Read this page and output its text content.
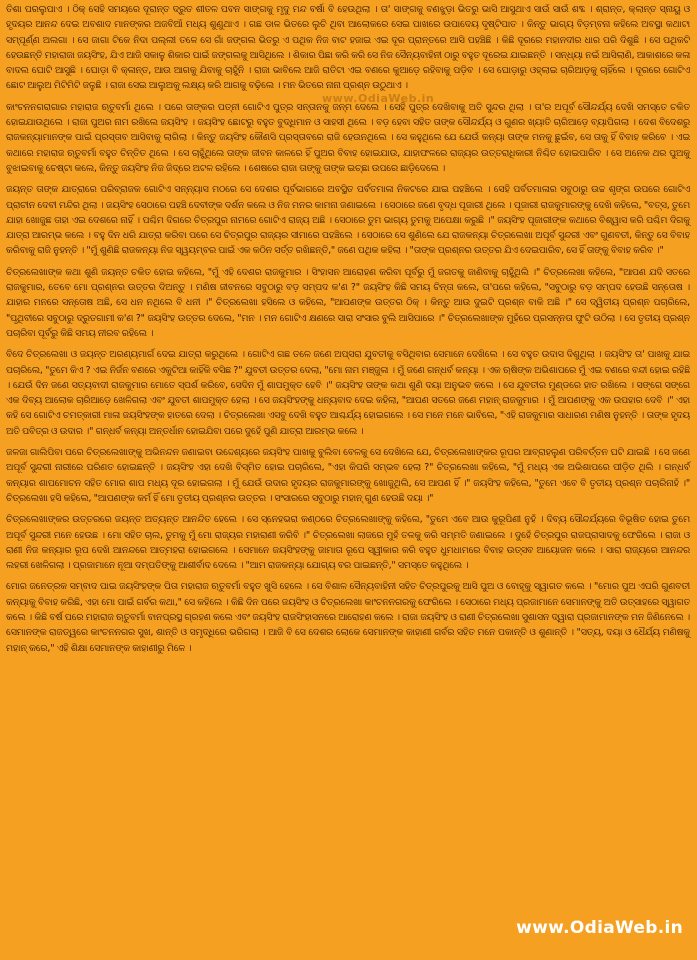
www.OdiaWeb.in

ତିଶା ପରଲୁପାଏ । ଠିକ୍ ସେହି ସମୟରେ ଦୂରାନ୍ତ ଦ୍ରୁତ ଶୀତଳ ପବନ ସାଙ୍ଗକୁ ମୃଦୁ ମନ୍ଦ ବର୍ଷା ବି ହେଉଥିଲା । ତା' ସାଙ୍ଗକୁ ବଣଝୁଡ଼ା ଭିତରୁ ଭାସି ଆସୁଥାଏ ସାଉଁ ସାଉଁ ଶବ୍ଦ । ଶ୍ରାନ୍ତ, କ୍ଲାନ୍ତ ସ୍ନାୟୁ ଓ ହୃଦୟର ଆନନ୍ଦ ଦେଇ ଅବଶାଦ ମାନଙ୍କର ଅଜବିଆଁ ମଧ୍ୟ ଶୁଣୁଥାଏ । ଗଛ ଡାଳ ଭିତରେ ଲୁଚି ଥିବା ଆଲୋକରେ ସେଇ ପାଖରେ ଉପାଦେୟ ଦୃଷ୍ଟିପାତ । କିନ୍ତୁ ଭାଗ୍ୟ ବିଡ଼ମ୍ବନା କହିଲେ ଅବସ୍ଥା କଥାଟା ସମ୍ପୂର୍ଣ୍ଣ ଅଲଗା । ସେ ଜାଗା ଟିକେ ନିଦା ପଲ୍ଲୀ ତଳେ ସେ ଗାଁ ଜଙ୍ଗଲ ଭିତରୁ ଏ ପଥିକ ନିଜ ବାଟ ହଜାଇ ଏଇ ଦୂର ପ୍ରାନ୍ତରେ ଆସି ପହଞ୍ଚିଛି । କିଛି ଦୂରରେ ମହାନଦୀର ଧାର ପରି ଦିଶୁଛି । ସେ ପଥିକଟି ହେଉଛନ୍ତି ମହାରାଜା ଜୟସିଂହ, ଯିଏ ଆଜି ସକାଳୁ ଶିକାର ପାଇଁ ଜଙ୍ଗଲକୁ ଆସିଥିଲେ । ଶିକାର ପିଛା କରି କରି ସେ ନିଜ ସୈନ୍ୟବାହିନୀ ଠାରୁ ବହୁତ ଦୂରେଇ ଯାଇଛନ୍ତି । ସନ୍ଧ୍ୟା ନଇଁ ଆସିଲାଣି, ଆକାଶରେ କଳା ବାଦଲ ଘୋଟି ଆସୁଛି । ଘୋଡ଼ା ବି କ୍ଳାନ୍ତ, ଆଉ ଆଗକୁ ଯିବାକୁ ଚାହୁଁନି । ରାଜା ଭାବିଲେ ଆଜି ରାତିଟା ଏଇ ବଣରେ କୁଆଡ଼େ ରହିବାକୁ ପଡ଼ିବ । ସେ ଘୋଡ଼ାରୁ ଓହ୍ଲାଇ ଚାରିଆଡ଼କୁ ଚାହିଁଲେ । ଦୂରରେ ଗୋଟିଏ ଛୋଟ ଆଲୁଅ ମିଟିମିଟି ଜଳୁଛି । ରାଜା ସେଇ ଆଲୁଅକୁ ଲକ୍ଷ୍ୟ କରି ଆଗକୁ ବଢ଼ିଲେ । ମନ ଭିତରେ ନାନା ପ୍ରଶ୍ନ ଉଠୁଥାଏ ।

କାଂଚନନଗରାଗାର ମହାରାଜ ଋତୁବର୍ମା ଥିଲେ । ପରେ ତାଙ୍କର ପତ୍ନୀ ଗୋଟିଏ ପୁତ୍ର ସନ୍ତାନକୁ ଜନ୍ମ ଦେଲେ । ସେହି ପୁତ୍ର ଦେଖିବାକୁ ଅତି ସୁନ୍ଦର ଥିଲା । ତା'ର ଅପୂର୍ବ ସୌନ୍ଦର୍ଯ୍ୟ ଦେଖି ସମସ୍ତେ ଚକିତ ହୋଇଯାଉଥିଲେ । ରାଜା ପୁଅର ନାମ ରଖିଲେ ଜୟସିଂହ । ଜୟସିଂହ ଛୋଟରୁ ବହୁତ ବୁଦ୍ଧିମାନ ଓ ସାହସୀ ଥିଲେ । ବଡ଼ ହେବା ସହିତ ତାଙ୍କ ସୌନ୍ଦର୍ଯ୍ୟ ଓ ଗୁଣର ଖ୍ୟାତି ଚାରିଆଡ଼େ ବ୍ୟାପିଗଲା । ଦେଶ ବିଦେଶରୁ ରାଜକନ୍ୟାମାନଙ୍କ ପାଇଁ ପ୍ରସ୍ତାବ ଆସିବାକୁ ଲାଗିଲା । କିନ୍ତୁ ଜୟସିଂହ କୌଣସି ପ୍ରସ୍ତାବରେ ରାଜି ହେଉନଥିଲେ । ସେ କହୁଥିଲେ ଯେ ଯେଉଁ କନ୍ୟା ତାଙ୍କ ମନକୁ ଛୁଇଁବ, ସେ ତାକୁ ହିଁ ବିବାହ କରିବେ । ଏଇ କଥାରେ ମହାରାଜ ଋତୁବର୍ମା ବହୁତ ଚିନ୍ତିତ ଥିଲେ । ସେ ଚାହୁଁଥିଲେ ତାଙ୍କ ଜୀବନ କାଳରେ ହିଁ ପୁଅର ବିବାହ ହୋଇଯାଉ, ଯାହାଫଳରେ ରାଜ୍ୟର ଉତ୍ତରାଧିକାରୀ ନିଶ୍ଚିତ ହୋଇପାରିବ । ସେ ଅନେକ ଥର ପୁଅକୁ ବୁଝାଇବାକୁ ଚେଷ୍ଟା କଲେ, କିନ୍ତୁ ଜୟସିଂହ ନିଜ ଜିଦ୍‌ରେ ଅଟଳ ରହିଲେ । ଶେଷରେ ରାଜା ତାଙ୍କୁ ତାଙ୍କ ଇଚ୍ଛା ଉପରେ ଛାଡ଼ିଦେଲେ ।

ଜୟନ୍ତ ତାଙ୍କ ଯାତ୍ରାରେ ପରିବ୍ରାଜକ ଗୋଟିଏ ସନ୍ନ୍ୟାସ ମଠରେ ସେ ଦେଶର ପୂର୍ବଭାଗରେ ଅବସ୍ଥିତ ପର୍ବତମାଳା ନିକଟରେ ଯାଇ ପହଞ୍ଚିଲେ । ସେହି ପର୍ବତମାଳାର ସବୁଠାରୁ ଉଚ୍ଚ ଶୃଙ୍ଗ ଉପରେ ଗୋଟିଏ ପ୍ରାଚୀନ ଦେବୀ ମନ୍ଦିର ଥିଲା । ଜୟସିଂହ ସେଠାରେ ପହଞ୍ଚି ଦେବୀଙ୍କ ଦର୍ଶନ କଲେ ଓ ନିଜ ମନର କାମନା ଜଣାଇଲେ । ସେଠାରେ ଜଣେ ବୃଦ୍ଧ ପୂଜାରୀ ଥିଲେ । ପୂଜାରୀ ରାଜକୁମାରଙ୍କୁ ଦେଖି କହିଲେ, "ବତ୍ସ, ତୁମେ ଯାହା ଖୋଜୁଛ ତାହା ଏଇ ଦେଶରେ ନାହିଁ । ପଶ୍ଚିମ ଦିଗରେ ଚିତ୍ରପୁର ନାମରେ ଗୋଟିଏ ରାଜ୍ୟ ଅଛି । ସେଠାରେ ତୁମ ଭାଗ୍ୟ ତୁମକୁ ଅପେକ୍ଷା କରୁଛି ।" ଜୟସିଂହ ପୂଜାରୀଙ୍କ କଥାରେ ବିଶ୍ୱାସ କରି ପଶ୍ଚିମ ଦିଗକୁ ଯାତ୍ରା ଆରମ୍ଭ କଲେ । ବହୁ ଦିନ ଧରି ଯାତ୍ରା କରିବା ପରେ ସେ ଚିତ୍ରପୁର ରାଜ୍ୟର ସୀମାରେ ପହଞ୍ଚିଲେ । ସେଠାରେ ସେ ଶୁଣିଲେ ଯେ ରାଜକନ୍ୟା ଚିତ୍ରଲେଖା ଅପୂର୍ବ ସୁନ୍ଦରୀ ଏବଂ ଗୁଣବତୀ, କିନ୍ତୁ ସେ ବିବାହ କରିବାକୁ ରାଜି ନୁହନ୍ତି । "ମୁଁ ଶୁଣିଛି ରାଜକନ୍ୟା ନିଜ ସ୍ୱୟମ୍ବର ପାଇଁ ଏକ କଠିନ ସର୍ତ୍ତ ରଖିଛନ୍ତି," ଜଣେ ପଥିକ କହିଲା । "ତାଙ୍କ ପ୍ରଶ୍ନର ଉତ୍ତର ଯିଏ ଦେଇପାରିବ, ସେ ହିଁ ତାଙ୍କୁ ବିବାହ କରିବ ।"

ଚିତ୍ରଲେଖାଙ୍କ କଥା ଶୁଣି ଜୟନ୍ତ ଚକିତ ହୋଇ କହିଲେ, "ମୁଁ ଏହି ଦେଶର ରାଜକୁମାର । ସିଂହାସନ ଆରୋହଣ କରିବା ପୂର୍ବରୁ ମୁଁ ଜଗତକୁ ଜାଣିବାକୁ ଚାହୁଁଥିଲି ।" ଚିତ୍ରଲେଖା କହିଲେ, "ଆପଣ ଯଦି ସତରେ ରାଜକୁମାର, ତେବେ ମୋ ପ୍ରଶ୍ନର ଉତ୍ତର ଦିଅନ୍ତୁ । ମଣିଷ ଜୀବନରେ ସବୁଠାରୁ ବଡ଼ ସମ୍ପଦ କ'ଣ ?" ଜୟସିଂହ କିଛି ସମୟ ଚିନ୍ତା କଲେ, ତା'ପରେ କହିଲେ, "ସବୁଠାରୁ ବଡ଼ ସମ୍ପଦ ହେଉଛି ସନ୍ତୋଷ । ଯାହାର ମନରେ ସନ୍ତୋଷ ଅଛି, ସେ ଧନ ନଥିଲେ ବି ଧନୀ ।" ଚିତ୍ରଲେଖା ହସିଲେ ଓ କହିଲେ, "ଆପଣଙ୍କ ଉତ୍ତର ଠିକ୍ । କିନ୍ତୁ ଆଉ ଦୁଇଟି ପ୍ରଶ୍ନ ବାକି ଅଛି ।" ସେ ଦ୍ୱିତୀୟ ପ୍ରଶ୍ନ ପଚାରିଲେ, "ପୃଥିବୀରେ ସବୁଠାରୁ ଦ୍ରୁତଗାମୀ କ'ଣ ?" ଜୟସିଂହ ଉତ୍ତର ଦେଲେ, "ମନ । ମନ ଗୋଟିଏ କ୍ଷଣରେ ସାରା ସଂସାର ବୁଲି ଆସିପାରେ ।" ଚିତ୍ରଲେଖାଙ୍କ ମୁହଁରେ ପ୍ରସନ୍ନତା ଫୁଟି ଉଠିଲା । ସେ ତୃତୀୟ ପ୍ରଶ୍ନ ପଚାରିବା ପୂର୍ବରୁ କିଛି ସମୟ ନୀରବ ରହିଲେ ।

ବିଦେ ଚିତ୍ରଲେଖା ଓ ଜୟନ୍ତ ଅରଣ୍ୟମାର୍ଗ ଦେଇ ଯାତ୍ରା କରୁଥିଲେ । ଗୋଟିଏ ଗଛ ତଳେ ଜଣେ ଅପ୍ସରା ଯୁବତୀକୁ ବସିଥିବାର ସେମାନେ ଦେଖିଲେ । ସେ ବହୁତ ଉଦାସ ଦିଶୁଥିଲା । ଜୟସିଂହ ତା' ପାଖକୁ ଯାଇ ପଚାରିଲେ, "ତୁମେ କିଏ ? ଏଇ ନିର୍ଜନ ବଣରେ ଏକୁଟିଆ କାହିଁକି ବସିଛ ?" ଯୁବତୀ ଉତ୍ତର ଦେଲା, "ମୋ ନାମ ମଞ୍ଜୁଳା । ମୁଁ ଜଣେ ଗନ୍ଧର୍ବ କନ୍ୟା । ଏକ ଋଷିଙ୍କ ଅଭିଶାପରେ ମୁଁ ଏଇ ବଣରେ ବନ୍ଦୀ ହୋଇ ରହିଛି । ଯେଉଁ ଦିନ ଜଣେ ସତ୍ୟବାଦୀ ରାଜକୁମାର ମୋତେ ସ୍ପର୍ଶ କରିବେ, ସେଦିନ ମୁଁ ଶାପମୁକ୍ତ ହେବି ।" ଜୟସିଂହ ତାଙ୍କ କଥା ଶୁଣି ଦୟା ଅନୁଭବ କଲେ । ସେ ଯୁବତୀର ମୁଣ୍ଡରେ ହାତ ରଖିଲେ । ସଙ୍ଗେ ସଙ୍ଗେ ଏକ ଦିବ୍ୟ ଆଲୋକ ଚାରିଆଡ଼େ ଖେଳିଗଲା ଏବଂ ଯୁବତୀ ଶାପମୁକ୍ତ ହେଲା । ସେ ଜୟସିଂହଙ୍କୁ ଧନ୍ୟବାଦ ଦେଇ କହିଲା, "ଆପଣ ସତରେ ଜଣେ ମହାନ୍ ରାଜକୁମାର । ମୁଁ ଆପଣଙ୍କୁ ଏକ ଉପହାର ଦେବି ।" ଏହା କହି ସେ ଗୋଟିଏ ଚମତ୍କାରୀ ମାଳା ଜୟସିଂହଙ୍କ ହାତରେ ଦେଲା । ଚିତ୍ରଲେଖା ଏସବୁ ଦେଖି ବହୁତ ଆଶ୍ଚର୍ଯ୍ୟ ହୋଇଗଲେ । ସେ ମନେ ମନେ ଭାବିଲେ, "ଏହି ରାଜକୁମାର ସାଧାରଣ ମଣିଷ ନୁହନ୍ତି । ତାଙ୍କ ହୃଦୟ ଅତି ପବିତ୍ର ଓ ଉଦାର ।" ଗନ୍ଧର୍ବ କନ୍ୟା ଅନ୍ତର୍ଧାନ ହୋଇଯିବା ପରେ ଦୁହେଁ ପୁଣି ଯାତ୍ରା ଆରମ୍ଭ କଲେ ।

ଜଳଜା ଗାଲିପିବା ପରେ ଚିତ୍ରଲେଖାଙ୍କୁ ଅଭିନନ୍ଦନ ଜଣାଇବା ଉଦ୍ଦେଶ୍ୟରେ ଜୟସିଂହ ପାଖକୁ ବୁଲିବା ବେଳକୁ ସେ ଦେଖିଲେ ଯେ, ଚିତ୍ରଲେଖାଙ୍କର ରୂପର ଆବ୍ରାହଲୁଣ ପରିବର୍ତ୍ତନ ଘଟି ଯାଇଛି । ସେ ଜଣେ ଅପୂର୍ବ ସୁନ୍ଦରୀ ନାରୀରେ ପରିଣତ ହୋଇଛନ୍ତି । ଜୟସିଂହ ଏହା ଦେଖି ବିସ୍ମିତ ହୋଇ ପଚାରିଲେ, "ଏହା କିପରି ସମ୍ଭବ ହେଲା ?" ଚିତ୍ରଲେଖା କହିଲେ, "ମୁଁ ମଧ୍ୟ ଏକ ଅଭିଶାପରେ ପୀଡ଼ିତ ଥିଲି । ଗନ୍ଧର୍ବ କନ୍ୟାର ଶାପମୋଚନ ସହିତ ମୋର ଶାପ ମଧ୍ୟ ଦୂର ହୋଇଗଲା । ମୁଁ ଯେଉଁ ଉଦାର ହୃଦୟର ରାଜକୁମାରଙ୍କୁ ଖୋଜୁଥିଲି, ସେ ଆପଣ ହିଁ ।" ଜୟସିଂହ କହିଲେ, "ତୁମେ ଏବେ ବି ତୃତୀୟ ପ୍ରଶ୍ନ ପଚାରିନାହଁ ।" ଚିତ୍ରଲେଖା ହସି କହିଲେ, "ଆପଣଙ୍କ କର୍ମ ହିଁ ମୋ ତୃତୀୟ ପ୍ରଶ୍ନର ଉତ୍ତର । ସଂସାରରେ ସବୁଠାରୁ ମହାନ୍ ଗୁଣ ହେଉଛି ଦୟା ।"

ଚିତ୍ରଲେଖାଙ୍କର ଉତ୍ତରରେ ଜୟନ୍ତ ଅତ୍ୟନ୍ତ ଆନନ୍ଦିତ ହେଲେ । ସେ ସ୍ନେହଭରା କଣ୍ଠରେ ଚିତ୍ରଲେଖାଙ୍କୁ କହିଲେ, "ତୁମେ ଏବେ ଆଉ କୁରୂପିଣୀ ନୁହଁ । ଦିବ୍ୟ ସୌନ୍ଦର୍ଯ୍ୟରେ ବିଭୂଷିତ ହୋଇ ତୁମେ ଅପୂର୍ବ ସୁନ୍ଦରୀ ମନେ ହେଉଛ । ମୋ ସହିତ ଚାଲ, ତୁମକୁ ମୁଁ ମୋ ରାଜ୍ୟର ମହାରାଣୀ କରିବି ।" ଚିତ୍ରଲେଖା ଲାଜରେ ମୁହଁ ତଳକୁ କରି ସମ୍ମତି ଜଣାଇଲେ । ଦୁହେଁ ଚିତ୍ରପୁର ରାଜପ୍ରାସାଦକୁ ଫେରିଲେ । ରାଜା ଓ ରାଣୀ ନିଜ କନ୍ୟାର ରୂପ ଦେଖି ଆନନ୍ଦରେ ଆତ୍ମହରା ହୋଇଗଲେ । ସେମାନେ ଜୟସିଂହଙ୍କୁ ଜାମାତା ରୂପେ ସ୍ୱୀକାର କରି ବହୁତ ଧୁମଧାମରେ ବିବାହ ଉତ୍ସବ ଆୟୋଜନ କଲେ । ସାରା ରାଜ୍ୟରେ ଆନନ୍ଦର ଲହରୀ ଖେଳିଗଲା । ପ୍ରଜାମାନେ ନୂଆ ଦମ୍ପତିଙ୍କୁ ଆଶୀର୍ବାଦ ଦେଲେ । "ଆମ ରାଜକନ୍ୟା ଯୋଗ୍ୟ ବର ପାଇଛନ୍ତି," ସମସ୍ତେ କହୁଥିଲେ ।

ମୋର ଜନେତ୍ରକ ସମ୍ବାଦ ପାଇ ଜୟସିଂହଙ୍କ ପିତା ମହାରାଜ ଋତୁବର୍ମା ବହୁତ ଖୁସି ହେଲେ । ସେ ବିଶାଳ ସୈନ୍ୟବାହିନୀ ସହିତ ଚିତ୍ରପୁରକୁ ଆସି ପୁଅ ଓ ବୋହୂକୁ ସ୍ୱାଗତ କଲେ । "ମୋର ପୁଅ ଏପରି ଗୁଣବତୀ କନ୍ୟାକୁ ବିବାହ କରିଛି, ଏହା ମୋ ପାଇଁ ଗର୍ବର କଥା," ସେ କହିଲେ । କିଛି ଦିନ ପରେ ଜୟସିଂହ ଓ ଚିତ୍ରଲେଖା କାଂଚନନଗରକୁ ଫେରିଲେ । ସେଠାରେ ମଧ୍ୟ ପ୍ରଜାମାନେ ସେମାନଙ୍କୁ ଅତି ଉତ୍ସାହରେ ସ୍ୱାଗତ କଲେ । କିଛି ବର୍ଷ ପରେ ମହାରାଜ ଋତୁବର୍ମା ବାନପ୍ରସ୍ଥ ଗ୍ରହଣ କଲେ ଏବଂ ଜୟସିଂହ ରାଜସିଂହାସନରେ ଆରୋହଣ କଲେ । ରାଜା ଜୟସିଂହ ଓ ରାଣୀ ଚିତ୍ରଲେଖା ସୁଶାସନ ଦ୍ୱାରା ପ୍ରଜାମାନଙ୍କ ମନ ଜିଣିନେଲେ । ସେମାନଙ୍କ ରାଜତ୍ୱରେ କାଂଚନନଗର ସୁଖ, ଶାନ୍ତି ଓ ସମୃଦ୍ଧିରେ ଭରିଗଲା । ଆଜି ବି ସେ ଦେଶର ଲୋକେ ସେମାନଙ୍କ କାହାଣୀ ଗର୍ବର ସହିତ ମନେ ପକାନ୍ତି ଓ ଶୁଣାନ୍ତି । "ସତ୍ୟ, ଦୟା ଓ ଧୈର୍ଯ୍ୟ ମଣିଷକୁ ମହାନ୍ କରେ," ଏହି ଶିକ୍ଷା ସେମାନଙ୍କ କାହାଣୀରୁ ମିଳେ ।

www.OdiaWeb.in
